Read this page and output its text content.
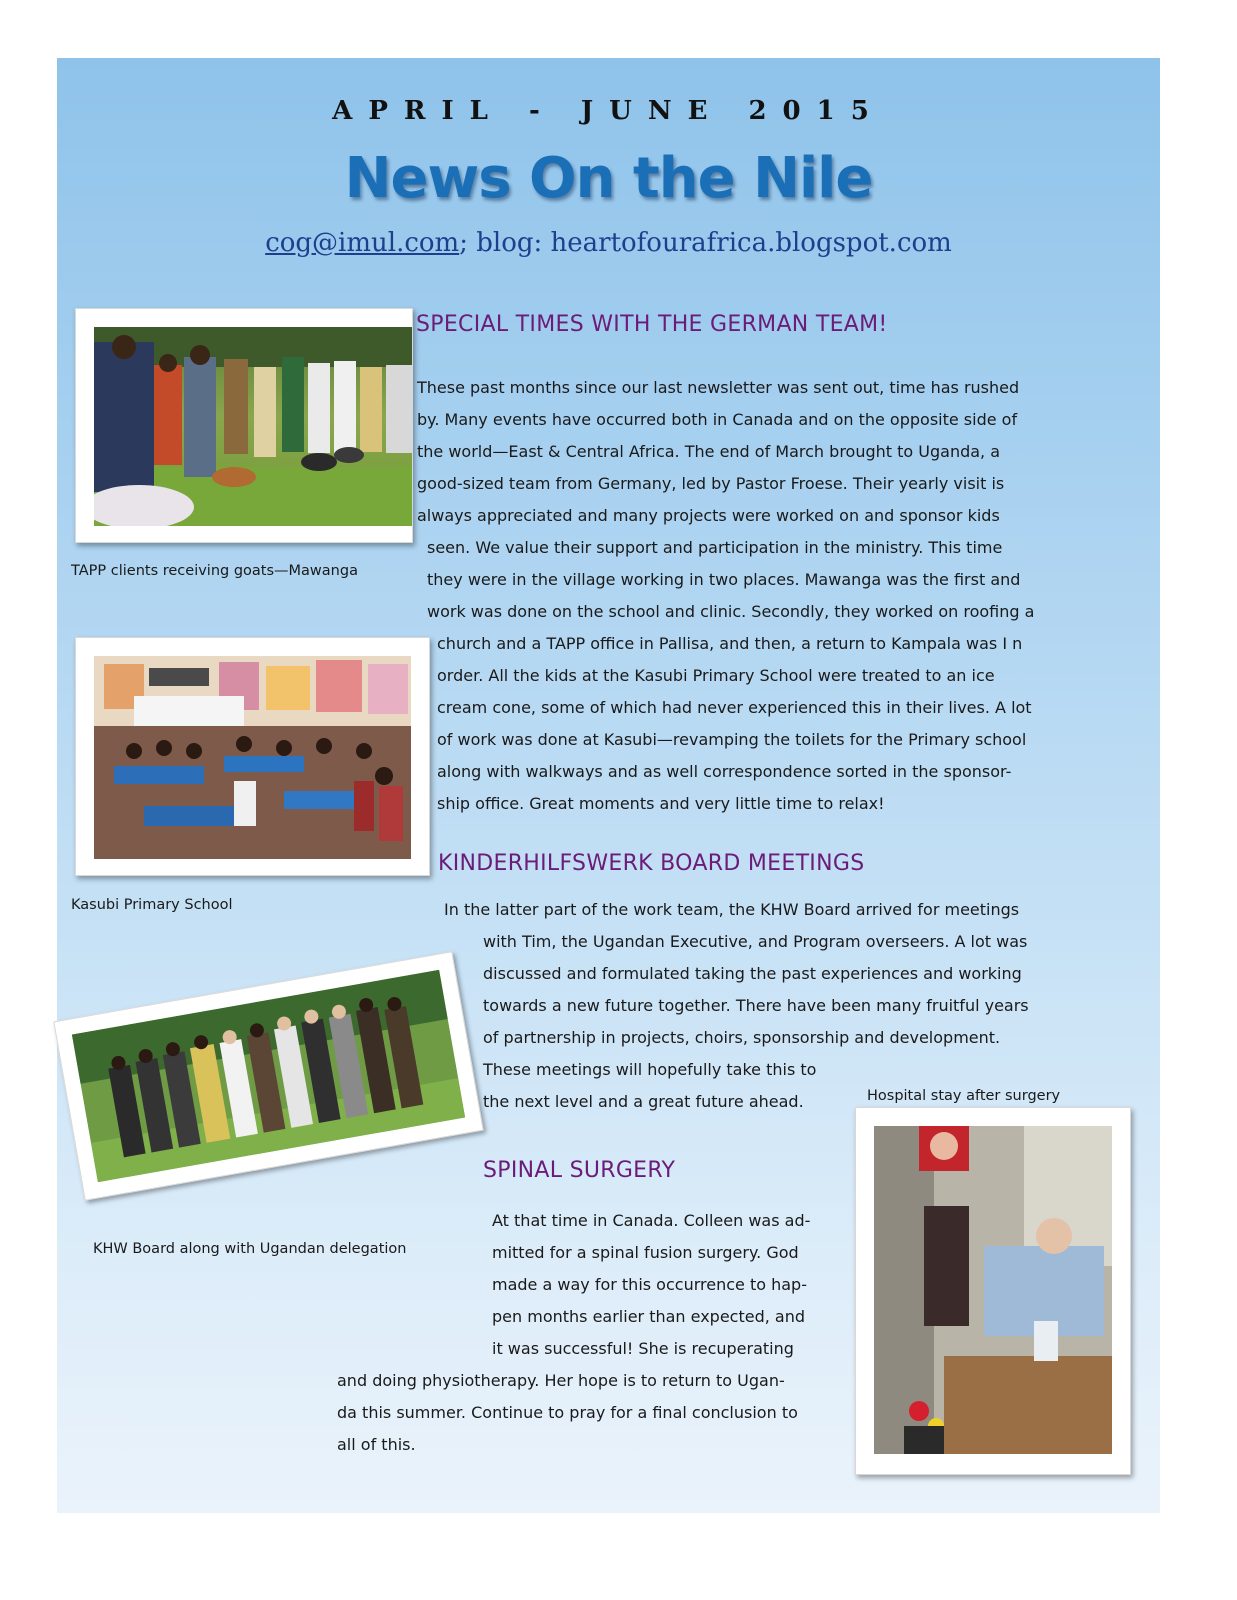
APRIL - JUNE 2015
News On the Nile
cog@imul.com; blog: heartofourafrica.blogspot.com
TAPP clients receiving goats—Mawanga
Kasubi Primary School
KHW Board along with Ugandan delegation
Hospital stay after surgery
SPECIAL TIMES WITH THE GERMAN TEAM!
These past months since our last newsletter was sent out, time has rushed
by. Many events have occurred both in Canada and on the opposite side of
the world—East & Central Africa. The end of March brought to Uganda, a
good-sized team from Germany, led by Pastor Froese. Their yearly visit is
always appreciated and many projects were worked on and sponsor kids
seen. We value their support and participation in the ministry. This time
they were in the village working in two places. Mawanga was the first and
work was done on the school and clinic. Secondly, they worked on roofing a
church and a TAPP office in Pallisa, and then, a return to Kampala was I n
order. All the kids at the Kasubi Primary School were treated to an ice
cream cone, some of which had never experienced this in their lives. A lot
of work was done at Kasubi—revamping the toilets for the Primary school
along with walkways and as well correspondence sorted in the sponsor-
ship office. Great moments and very little time to relax!
KINDERHILFSWERK BOARD MEETINGS
In the latter part of the work team, the KHW Board arrived for meetings
with Tim, the Ugandan Executive, and Program overseers. A lot was
discussed and formulated taking the past experiences and working
towards a new future together. There have been many fruitful years
of partnership in projects, choirs, sponsorship and development.
These meetings will hopefully take this to
the next level and a great future ahead.
SPINAL SURGERY
At that time in Canada. Colleen was ad-
mitted for a spinal fusion surgery. God
made a way for this occurrence to hap-
pen months earlier than expected, and
it was successful! She is recuperating
and doing physiotherapy. Her hope is to return to Ugan-
da this summer. Continue to pray for a final conclusion to
all of this.
